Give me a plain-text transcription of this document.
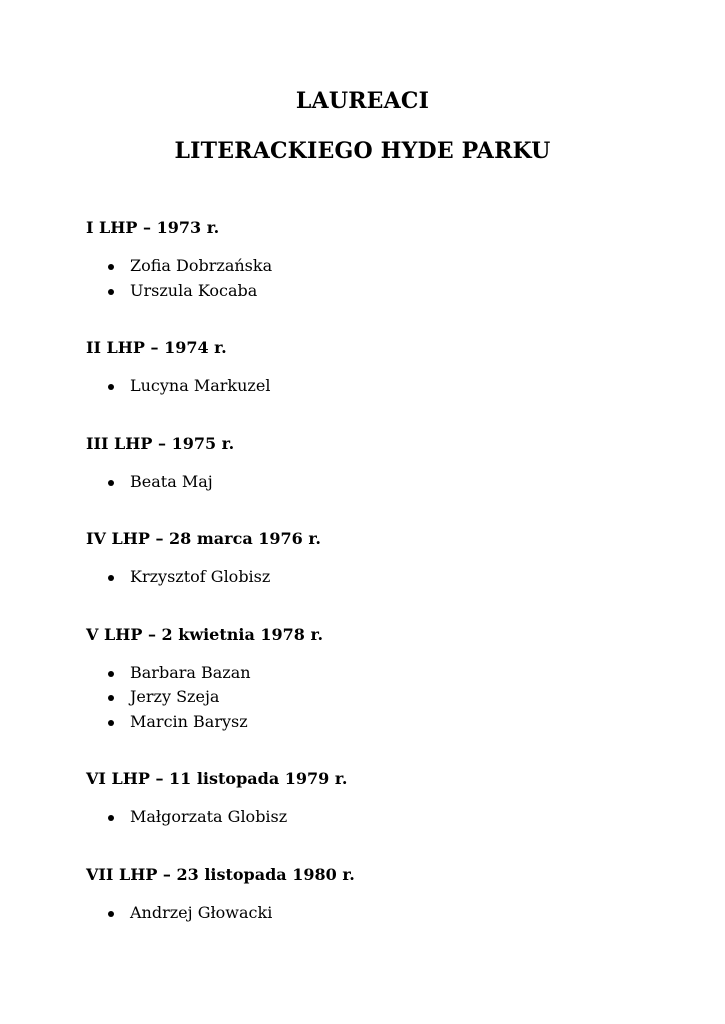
LAUREACI
LITERACKIEGO HYDE PARKU
I LHP – 1973 r.
Zofia Dobrzańska
Urszula Kocaba
II LHP – 1974 r.
Lucyna Markuzel
III LHP – 1975 r.
Beata Maj
IV LHP – 28 marca 1976 r.
Krzysztof Globisz
V LHP – 2 kwietnia 1978 r.
Barbara Bazan
Jerzy Szeja
Marcin Barysz
VI LHP – 11 listopada 1979 r.
Małgorzata Globisz
VII LHP – 23 listopada 1980 r.
Andrzej Głowacki
